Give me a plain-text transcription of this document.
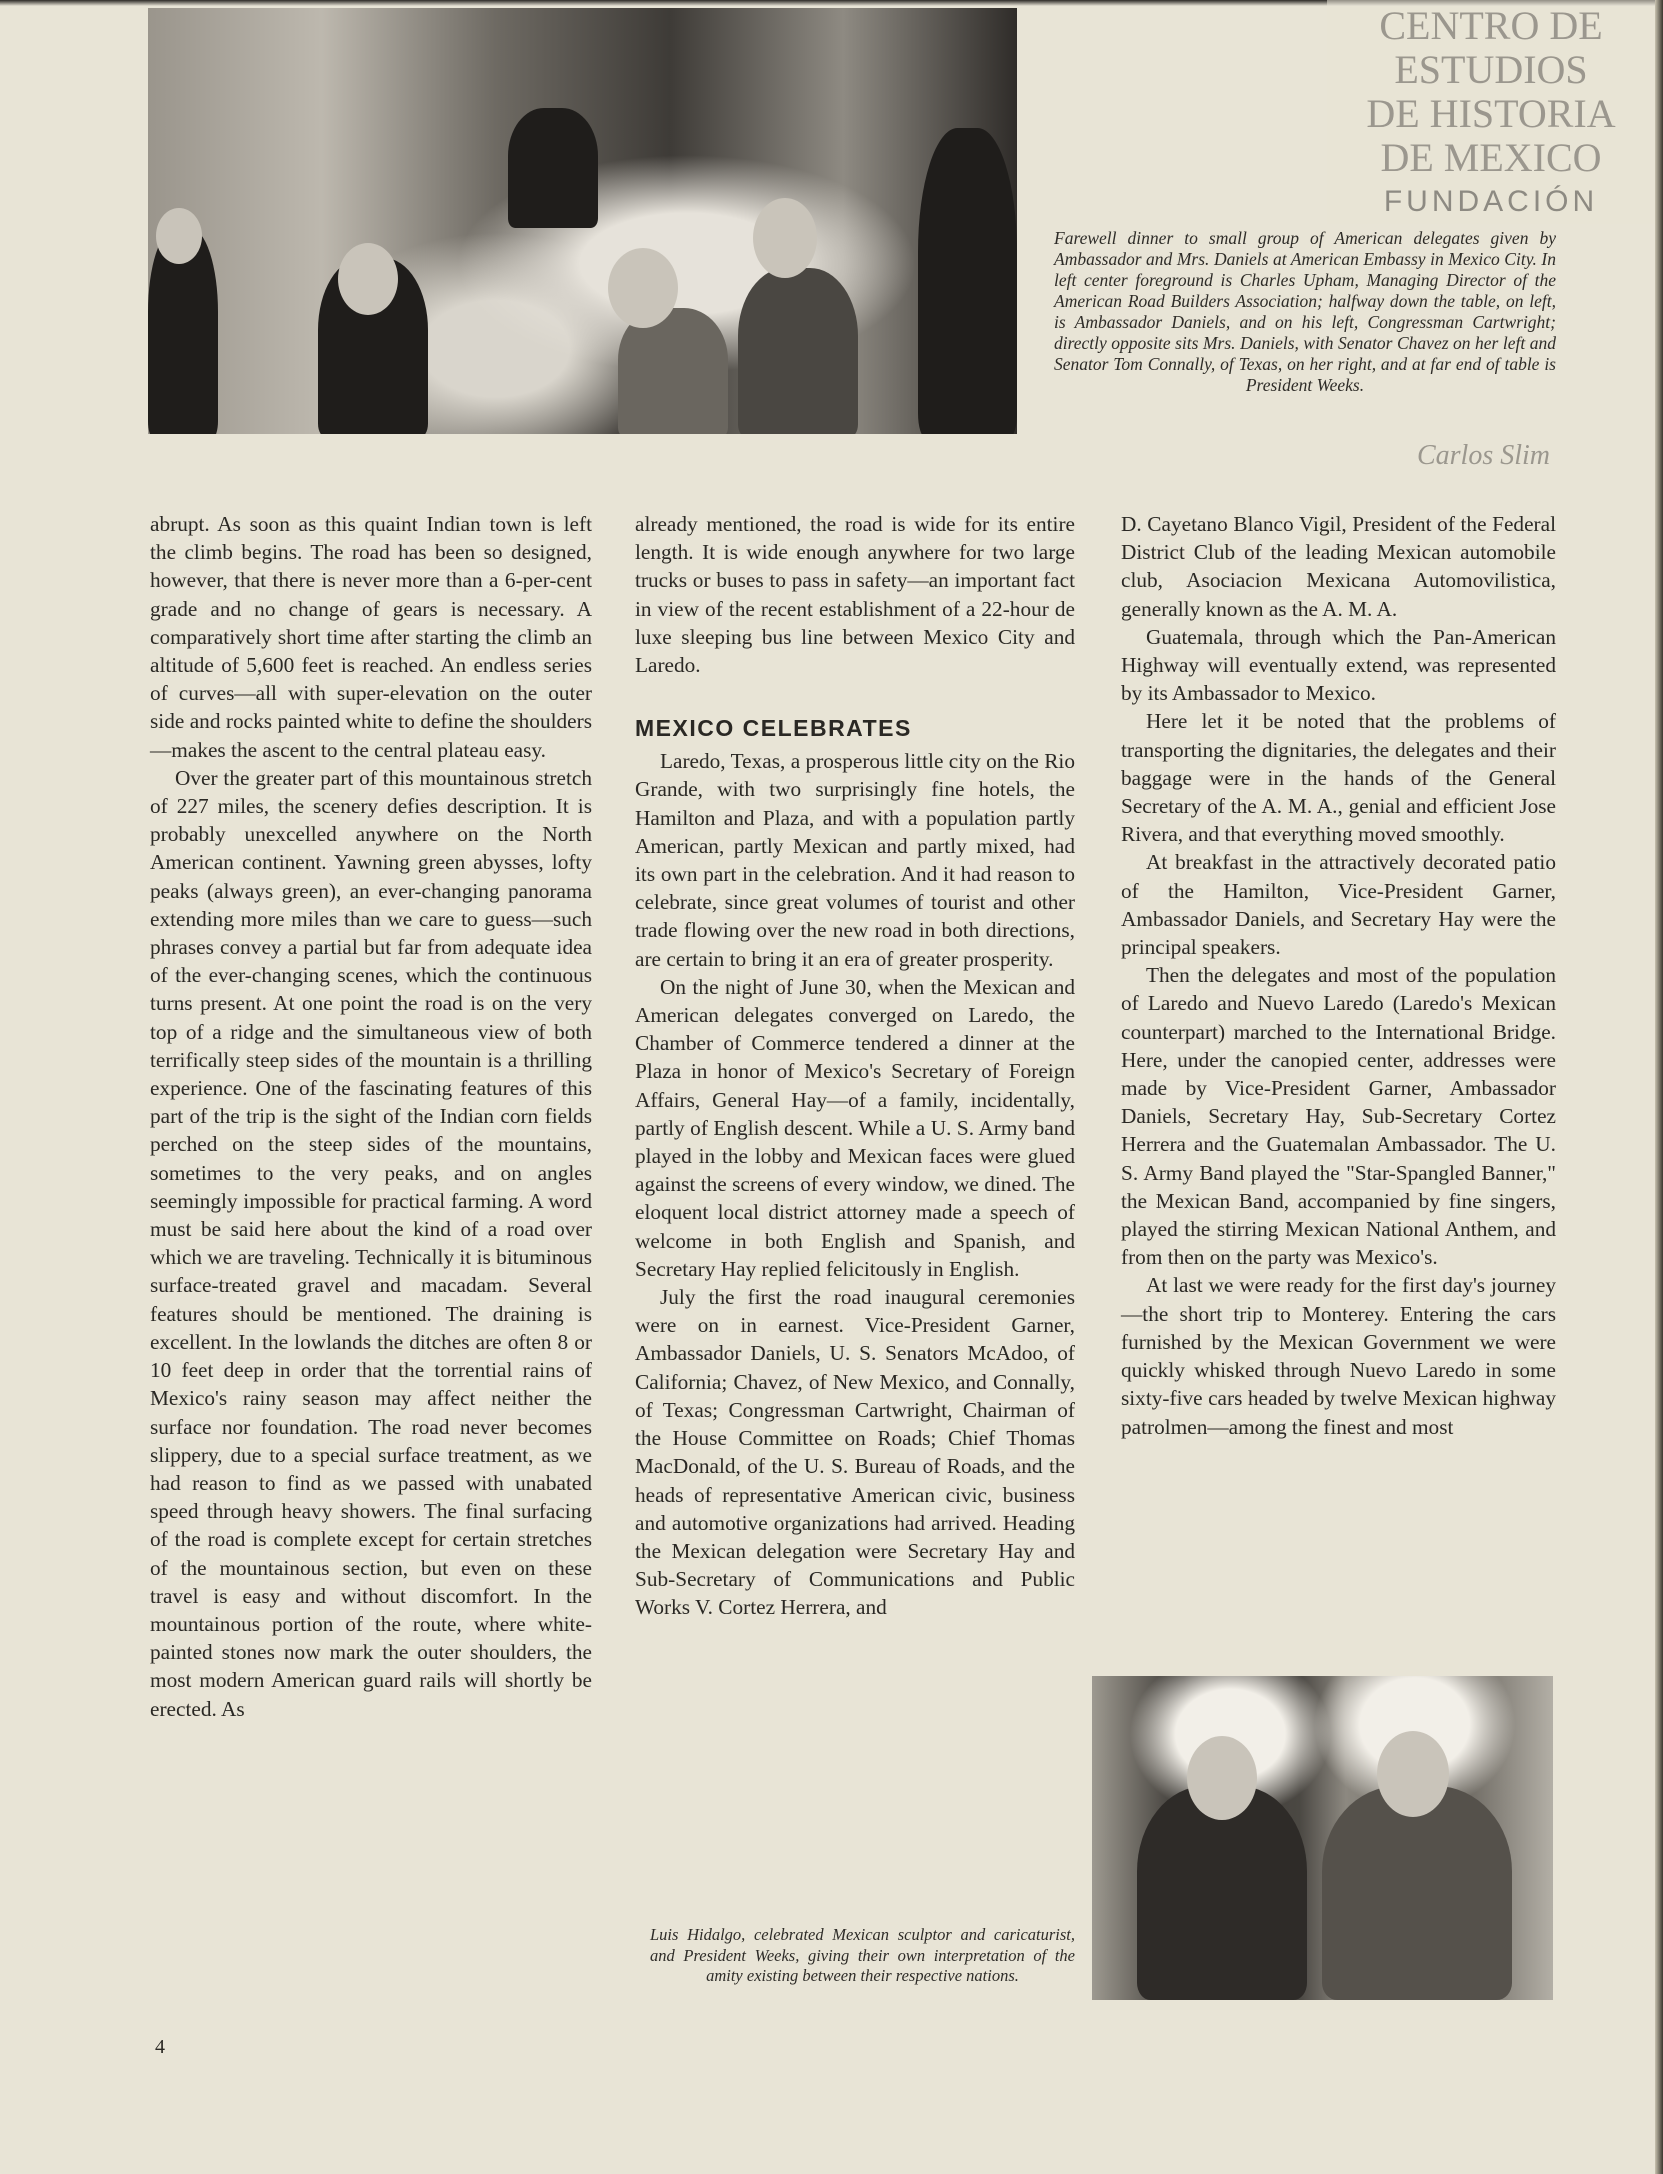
CENTRO DE
ESTUDIOS
DE HISTORIA
DE MEXICO
FUNDACIÓN
Farewell dinner to small group of American delegates given by Ambassador and Mrs. Daniels at American Embassy in Mexico City. In left center foreground is Charles Upham, Managing Director of the American Road Builders Association; halfway down the table, on left, is Ambassador Daniels, and on his left, Congressman Cartwright; directly opposite sits Mrs. Daniels, with Senator Chavez on her left and Senator Tom Connally, of Texas, on her right, and at far end of table is President Weeks.
Carlos Slim

abrupt. As soon as this quaint Indian town is left the climb begins. The road has been so designed, however, that there is never more than a 6-per-cent grade and no change of gears is necessary. A comparatively short time after starting the climb an altitude of 5,600 feet is reached. An endless series of curves—all with super-elevation on the outer side and rocks painted white to define the shoulders—makes the ascent to the central plateau easy.

Over the greater part of this mountainous stretch of 227 miles, the scenery defies description. It is probably unexcelled anywhere on the North American continent. Yawning green abysses, lofty peaks (always green), an ever-changing panorama extending more miles than we care to guess—such phrases convey a partial but far from adequate idea of the ever-changing scenes, which the continuous turns present. At one point the road is on the very top of a ridge and the simultaneous view of both terrifically steep sides of the mountain is a thrilling experience. One of the fascinating features of this part of the trip is the sight of the Indian corn fields perched on the steep sides of the mountains, sometimes to the very peaks, and on angles seemingly impossible for practical farming. A word must be said here about the kind of a road over which we are traveling. Technically it is bituminous surface-treated gravel and macadam. Several features should be mentioned. The draining is excellent. In the lowlands the ditches are often 8 or 10 feet deep in order that the torrential rains of Mexico's rainy season may affect neither the surface nor foundation. The road never becomes slippery, due to a special surface treatment, as we had reason to find as we passed with unabated speed through heavy showers. The final surfacing of the road is complete except for certain stretches of the mountainous section, but even on these travel is easy and without discomfort. In the mountainous portion of the route, where white-painted stones now mark the outer shoulders, the most modern American guard rails will shortly be erected. As

already mentioned, the road is wide for its entire length. It is wide enough anywhere for two large trucks or buses to pass in safety—an important fact in view of the recent establishment of a 22-hour de luxe sleeping bus line between Mexico City and Laredo.

MEXICO CELEBRATES

Laredo, Texas, a prosperous little city on the Rio Grande, with two surprisingly fine hotels, the Hamilton and Plaza, and with a population partly American, partly Mexican and partly mixed, had its own part in the celebration. And it had reason to celebrate, since great volumes of tourist and other trade flowing over the new road in both directions, are certain to bring it an era of greater prosperity.

On the night of June 30, when the Mexican and American delegates converged on Laredo, the Chamber of Commerce tendered a dinner at the Plaza in honor of Mexico's Secretary of Foreign Affairs, General Hay—of a family, incidentally, partly of English descent. While a U. S. Army band played in the lobby and Mexican faces were glued against the screens of every window, we dined. The eloquent local district attorney made a speech of welcome in both English and Spanish, and Secretary Hay replied felicitously in English.

July the first the road inaugural ceremonies were on in earnest. Vice-President Garner, Ambassador Daniels, U. S. Senators McAdoo, of California; Chavez, of New Mexico, and Connally, of Texas; Congressman Cartwright, Chairman of the House Committee on Roads; Chief Thomas MacDonald, of the U. S. Bureau of Roads, and the heads of representative American civic, business and automotive organizations had arrived. Heading the Mexican delegation were Secretary Hay and Sub-Secretary of Communications and Public Works V. Cortez Herrera, and

D. Cayetano Blanco Vigil, President of the Federal District Club of the leading Mexican automobile club, Asociacion Mexicana Automovilistica, generally known as the A. M. A.

Guatemala, through which the Pan-American Highway will eventually extend, was represented by its Ambassador to Mexico.

Here let it be noted that the problems of transporting the dignitaries, the delegates and their baggage were in the hands of the General Secretary of the A. M. A., genial and efficient Jose Rivera, and that everything moved smoothly.

At breakfast in the attractively decorated patio of the Hamilton, Vice-President Garner, Ambassador Daniels, and Secretary Hay were the principal speakers.

Then the delegates and most of the population of Laredo and Nuevo Laredo (Laredo's Mexican counterpart) marched to the International Bridge. Here, under the canopied center, addresses were made by Vice-President Garner, Ambassador Daniels, Secretary Hay, Sub-Secretary Cortez Herrera and the Guatemalan Ambassador. The U. S. Army Band played the "Star-Spangled Banner," the Mexican Band, accompanied by fine singers, played the stirring Mexican National Anthem, and from then on the party was Mexico's.

At last we were ready for the first day's journey—the short trip to Monterey. Entering the cars furnished by the Mexican Government we were quickly whisked through Nuevo Laredo in some sixty-five cars headed by twelve Mexican highway patrolmen—among the finest and most

Luis Hidalgo, celebrated Mexican sculptor and caricaturist, and President Weeks, giving their own interpretation of the amity existing between their respective nations.
4
